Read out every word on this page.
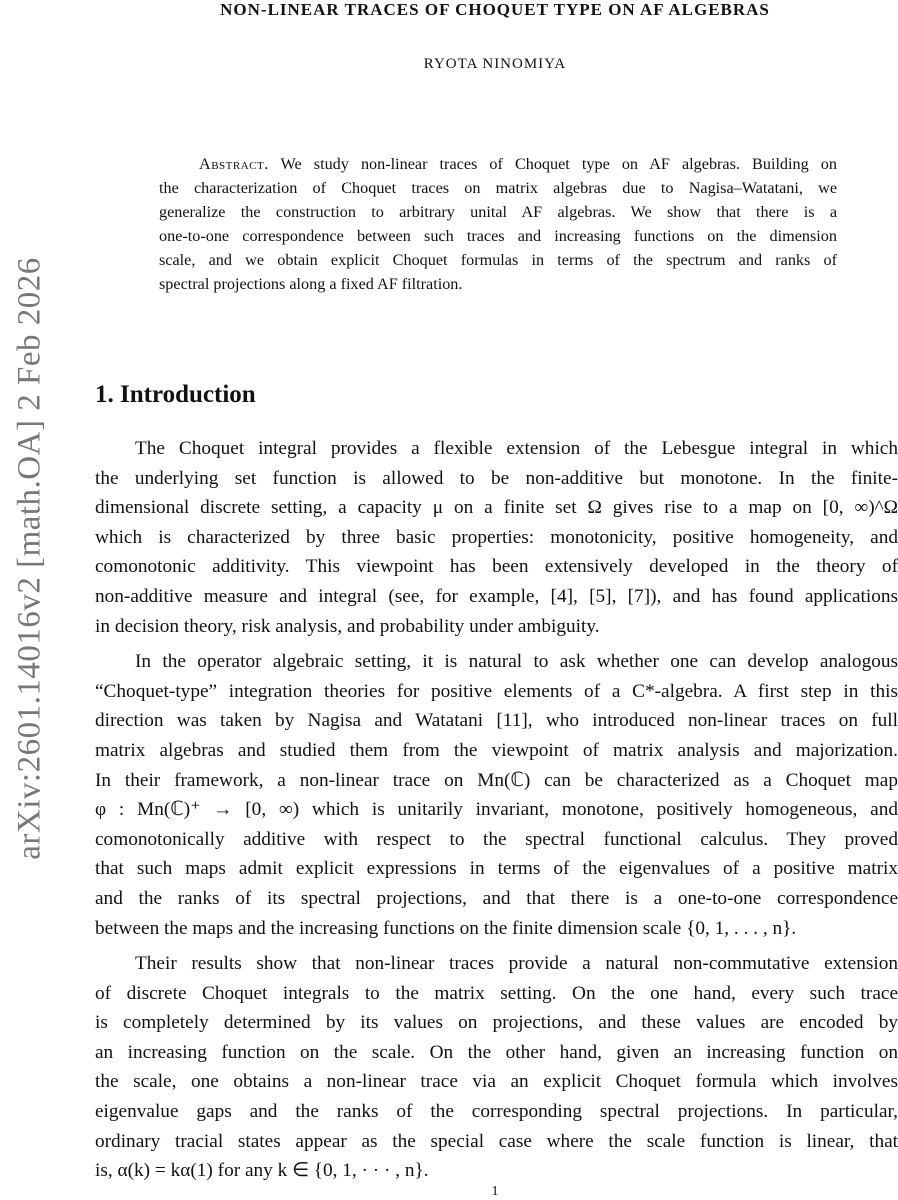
NON-LINEAR TRACES OF CHOQUET TYPE ON AF ALGEBRAS
RYOTA NINOMIYA
arXiv:2601.14016v2 [math.OA] 2 Feb 2026
Abstract. We study non-linear traces of Choquet type on AF algebras. Building on
the characterization of Choquet traces on matrix algebras due to Nagisa–Watatani, we
generalize the construction to arbitrary unital AF algebras. We show that there is a
one-to-one correspondence between such traces and increasing functions on the dimension
scale, and we obtain explicit Choquet formulas in terms of the spectrum and ranks of
spectral projections along a fixed AF filtration.
1. Introduction
The Choquet integral provides a flexible extension of the Lebesgue integral in which
the underlying set function is allowed to be non-additive but monotone. In the finite-
dimensional discrete setting, a capacity μ on a finite set Ω gives rise to a map on [0, ∞)^Ω
which is characterized by three basic properties: monotonicity, positive homogeneity, and
comonotonic additivity. This viewpoint has been extensively developed in the theory of
non-additive measure and integral (see, for example, [4], [5], [7]), and has found applications
in decision theory, risk analysis, and probability under ambiguity.
In the operator algebraic setting, it is natural to ask whether one can develop analogous
“Choquet-type” integration theories for positive elements of a C*-algebra. A first step in this
direction was taken by Nagisa and Watatani [11], who introduced non-linear traces on full
matrix algebras and studied them from the viewpoint of matrix analysis and majorization.
In their framework, a non-linear trace on Mn(ℂ) can be characterized as a Choquet map
φ : Mn(ℂ)⁺ → [0, ∞) which is unitarily invariant, monotone, positively homogeneous, and
comonotonically additive with respect to the spectral functional calculus. They proved
that such maps admit explicit expressions in terms of the eigenvalues of a positive matrix
and the ranks of its spectral projections, and that there is a one-to-one correspondence
between the maps and the increasing functions on the finite dimension scale {0, 1, . . . , n}.
Their results show that non-linear traces provide a natural non-commutative extension
of discrete Choquet integrals to the matrix setting. On the one hand, every such trace
is completely determined by its values on projections, and these values are encoded by
an increasing function on the scale. On the other hand, given an increasing function on
the scale, one obtains a non-linear trace via an explicit Choquet formula which involves
eigenvalue gaps and the ranks of the corresponding spectral projections. In particular,
ordinary tracial states appear as the special case where the scale function is linear, that
is, α(k) = kα(1) for any k ∈ {0, 1, · · · , n}.
1
